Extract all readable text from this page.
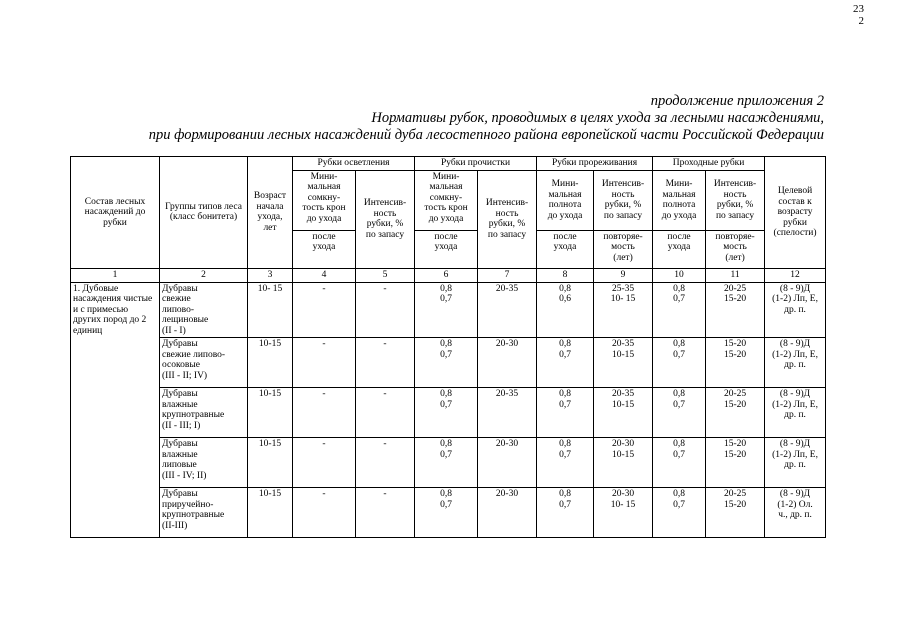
23
2
продолжение приложения 2
Нормативы рубок, проводимых в целях ухода за лесными насаждениями,
при формировании лесных насаждений дуба лесостепного района европейской части Российской Федерации
Состав лесных насаждений до рубки	Группы типов леса (класс бонитета)	Возраст начала ухода, лет	Рубки осветления		Рубки прочистки		Рубки прореживания		Проходные рубки		Целевой состав к возрасту рубки (спелости)
			Мини-
мальная
сомкну-
тость крон
до ухода	Интенсив-
ность
рубки, %
по запасу	Мини-
мальная
сомкну-
тость крон
до ухода	Интенсив-
ность
рубки, %
по запасу	Мини-
мальная
полнота
до ухода	Интенсив-
ность
рубки, %
по запасу	Мини-
мальная
полнота
до ухода	Интенсив-
ность
рубки, %
по запасу	
			после
ухода		после
ухода		после
ухода	повторяе-
мость
(лет)	после
ухода	повторяе-
мость
(лет)	
1	2	3	4	5	6	7	8	9	10	11	12
1. Дубовые насаждения чистые и с примесью других пород до 2 единиц	Дубравы
свежие
липово-
лещиновые
(II - I)	10- 15	-	-	0,8
0,7	20-35	0,8
0,6	25-35
10- 15	0,8
0,7	20-25
15-20	(8 - 9)Д
(1-2) Лп, Е,
др. п.
	Дубравы
свежие липово-
осоковые
(III - II; IV)	10-15	-	-	0,8
0,7	20-30	0,8
0,7	20-35
10-15	0,8
0,7	15-20
15-20	(8 - 9)Д
(1-2) Лп, Е,
др. п.
	Дубравы
влажные
крупнотравные
(II - III; I)	10-15	-	-	0,8
0,7	20-35	0,8
0,7	20-35
10-15	0,8
0,7	20-25
15-20	(8 - 9)Д
(1-2) Лп, Е,
др. п.
	Дубравы
влажные
липовые
(III - IV; II)	10-15	-	-	0,8
0,7	20-30	0,8
0,7	20-30
10-15	0,8
0,7	15-20
15-20	(8 - 9)Д
(1-2) Лп, Е,
др. п.
	Дубравы
приручейно-
крупнотравные
(II-III)	10-15	-	-	0,8
0,7	20-30	0,8
0,7	20-30
10- 15	0,8
0,7	20-25
15-20	(8 - 9)Д
(1-2) Ол.
ч., др. п.
